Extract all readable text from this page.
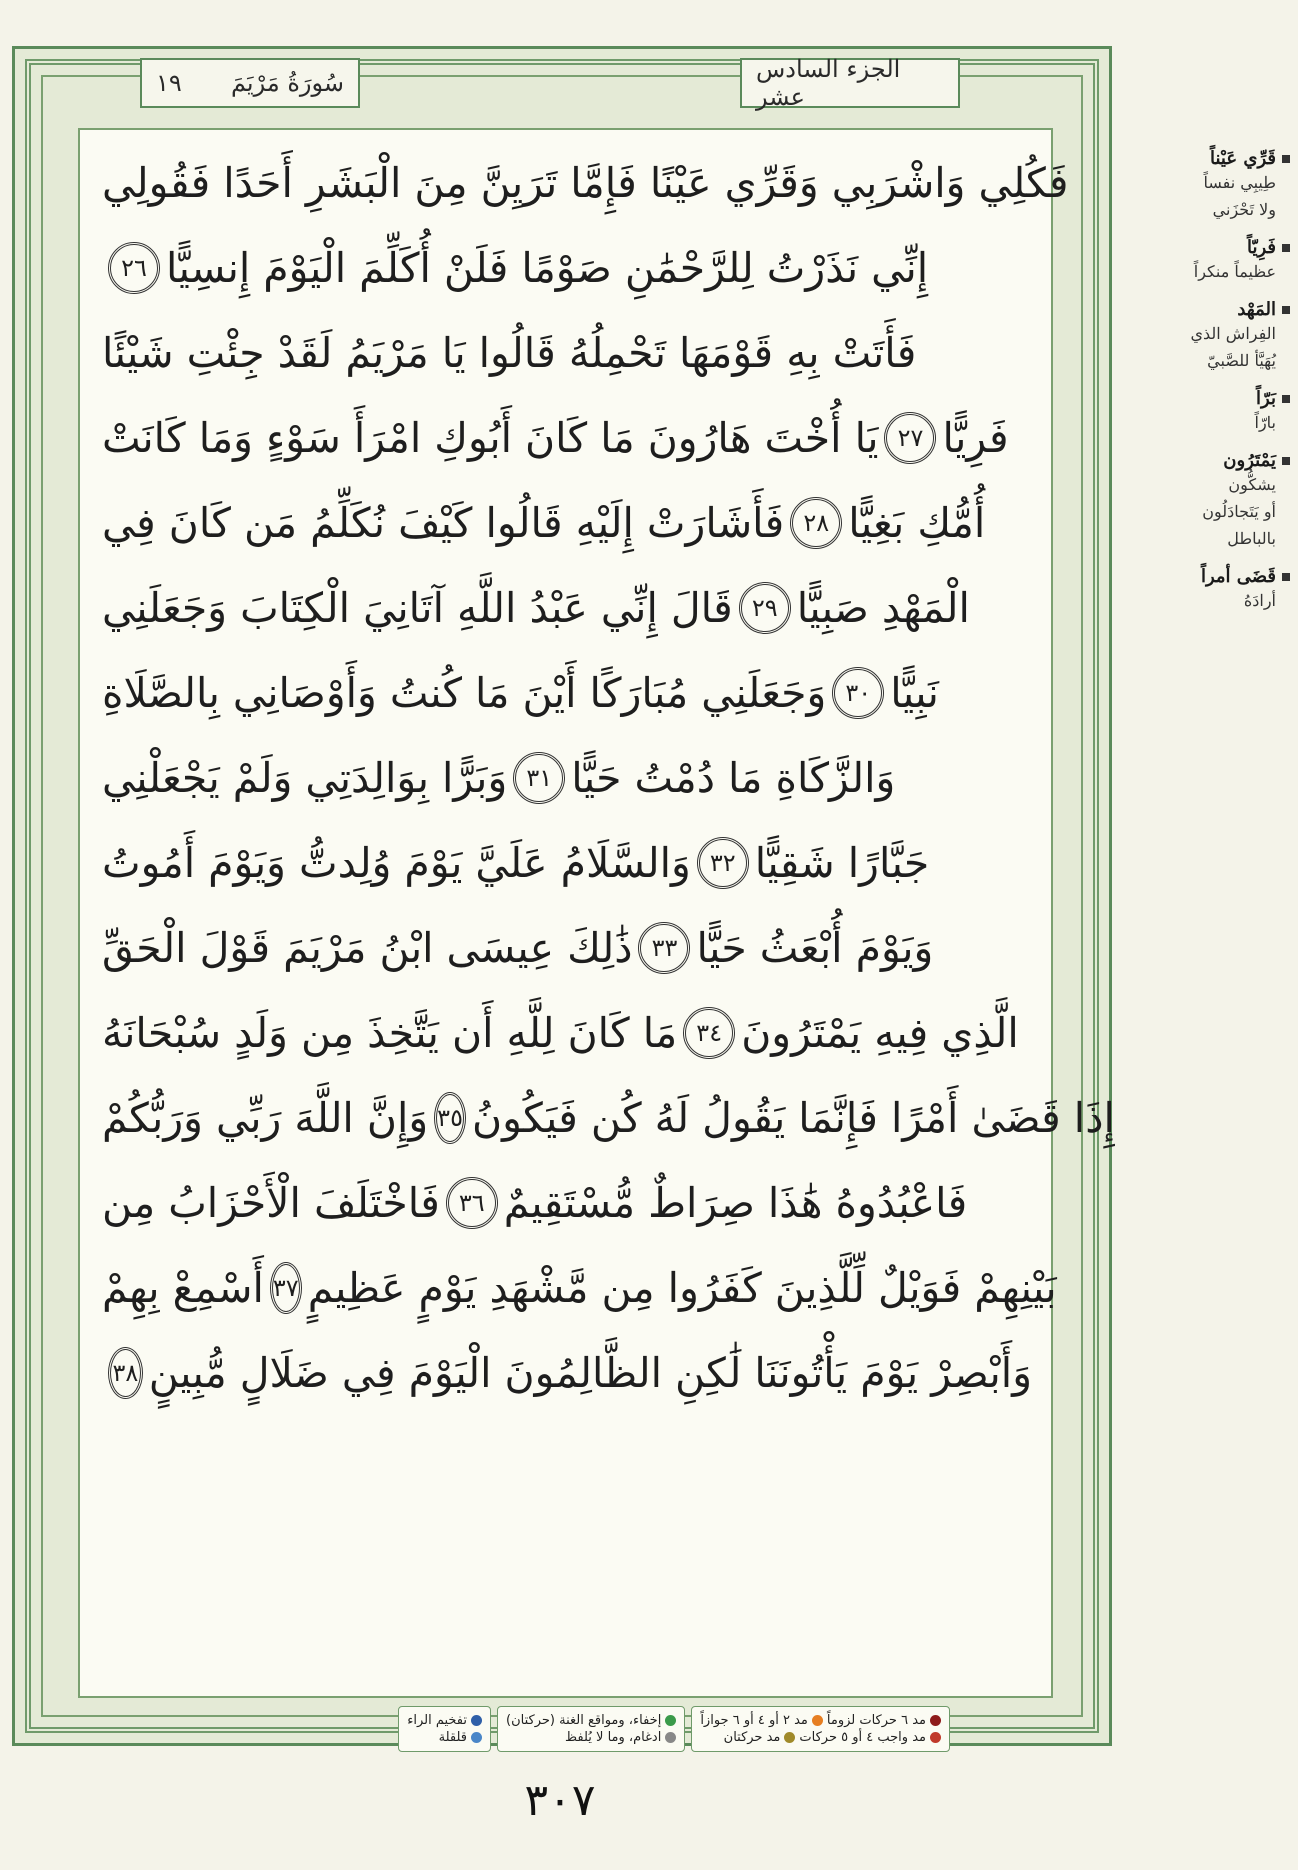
١٩ سُورَةُ مَرْيَمَ	الجزء السادس عشر
فَكُلِي وَاشْرَبِي وَقَرِّي عَيْنًا فَإِمَّا تَرَيِنَّ مِنَ الْبَشَرِ أَحَدًا فَقُولِي
إِنِّي نَذَرْتُ لِلرَّحْمَٰنِ صَوْمًا فَلَنْ أُكَلِّمَ الْيَوْمَ إِنسِيًّا
٢٦
فَأَتَتْ بِهِ قَوْمَهَا تَحْمِلُهُ قَالُوا يَا مَرْيَمُ لَقَدْ جِئْتِ شَيْئًا
فَرِيًّا
٢٧
يَا أُخْتَ هَارُونَ مَا كَانَ أَبُوكِ امْرَأَ سَوْءٍ وَمَا كَانَتْ
أُمُّكِ بَغِيًّا
٢٨
فَأَشَارَتْ إِلَيْهِ قَالُوا كَيْفَ نُكَلِّمُ مَن كَانَ فِي
الْمَهْدِ صَبِيًّا
٢٩
قَالَ إِنِّي عَبْدُ اللَّهِ آتَانِيَ الْكِتَابَ وَجَعَلَنِي
نَبِيًّا
٣٠
وَجَعَلَنِي مُبَارَكًا أَيْنَ مَا كُنتُ وَأَوْصَانِي بِالصَّلَاةِ
وَالزَّكَاةِ مَا دُمْتُ حَيًّا
٣١
وَبَرًّا بِوَالِدَتِي وَلَمْ يَجْعَلْنِي
جَبَّارًا شَقِيًّا
٣٢
وَالسَّلَامُ عَلَيَّ يَوْمَ وُلِدتُّ وَيَوْمَ أَمُوتُ
وَيَوْمَ أُبْعَثُ حَيًّا
٣٣
ذَٰلِكَ عِيسَى ابْنُ مَرْيَمَ قَوْلَ الْحَقِّ
الَّذِي فِيهِ يَمْتَرُونَ
٣٤
مَا كَانَ لِلَّهِ أَن يَتَّخِذَ مِن وَلَدٍ سُبْحَانَهُ
إِذَا قَضَىٰ أَمْرًا فَإِنَّمَا يَقُولُ لَهُ كُن فَيَكُونُ
٣٥
وَإِنَّ اللَّهَ رَبِّي وَرَبُّكُمْ
فَاعْبُدُوهُ هَٰذَا صِرَاطٌ مُّسْتَقِيمٌ
٣٦
فَاخْتَلَفَ الْأَحْزَابُ مِن
بَيْنِهِمْ فَوَيْلٌ لِّلَّذِينَ كَفَرُوا مِن مَّشْهَدِ يَوْمٍ عَظِيمٍ
٣٧
أَسْمِعْ بِهِمْ
وَأَبْصِرْ يَوْمَ يَأْتُونَنَا لَٰكِنِ الظَّالِمُونَ الْيَوْمَ فِي ضَلَالٍ مُّبِينٍ
٣٨
مد ٦ حركات لزوماً
مد ٢ أو ٤ أو ٦ جوازاً
مد واجب ٤ أو ٥ حركات
مد حركتان
إخفاء، ومواقع الغنة (حركتان)
ادغام، وما لا يُلفظ
تفخيم الراء
قلقلة
٣٠٧
قَرِّي عَيْناً
طِيبِي نفساً
ولا تَحْزَني
فَرِيّاً
عظيماً منكراً
المَهْد
الفِراش الذي
يُهَيَّأ للصَّبيّ
بَرّاً
بارّاً
يَمْتَرُون
يشكُّون
أو يَتَجادَلُون
بالباطل
قَضَى أمراً
أرادَهُ
